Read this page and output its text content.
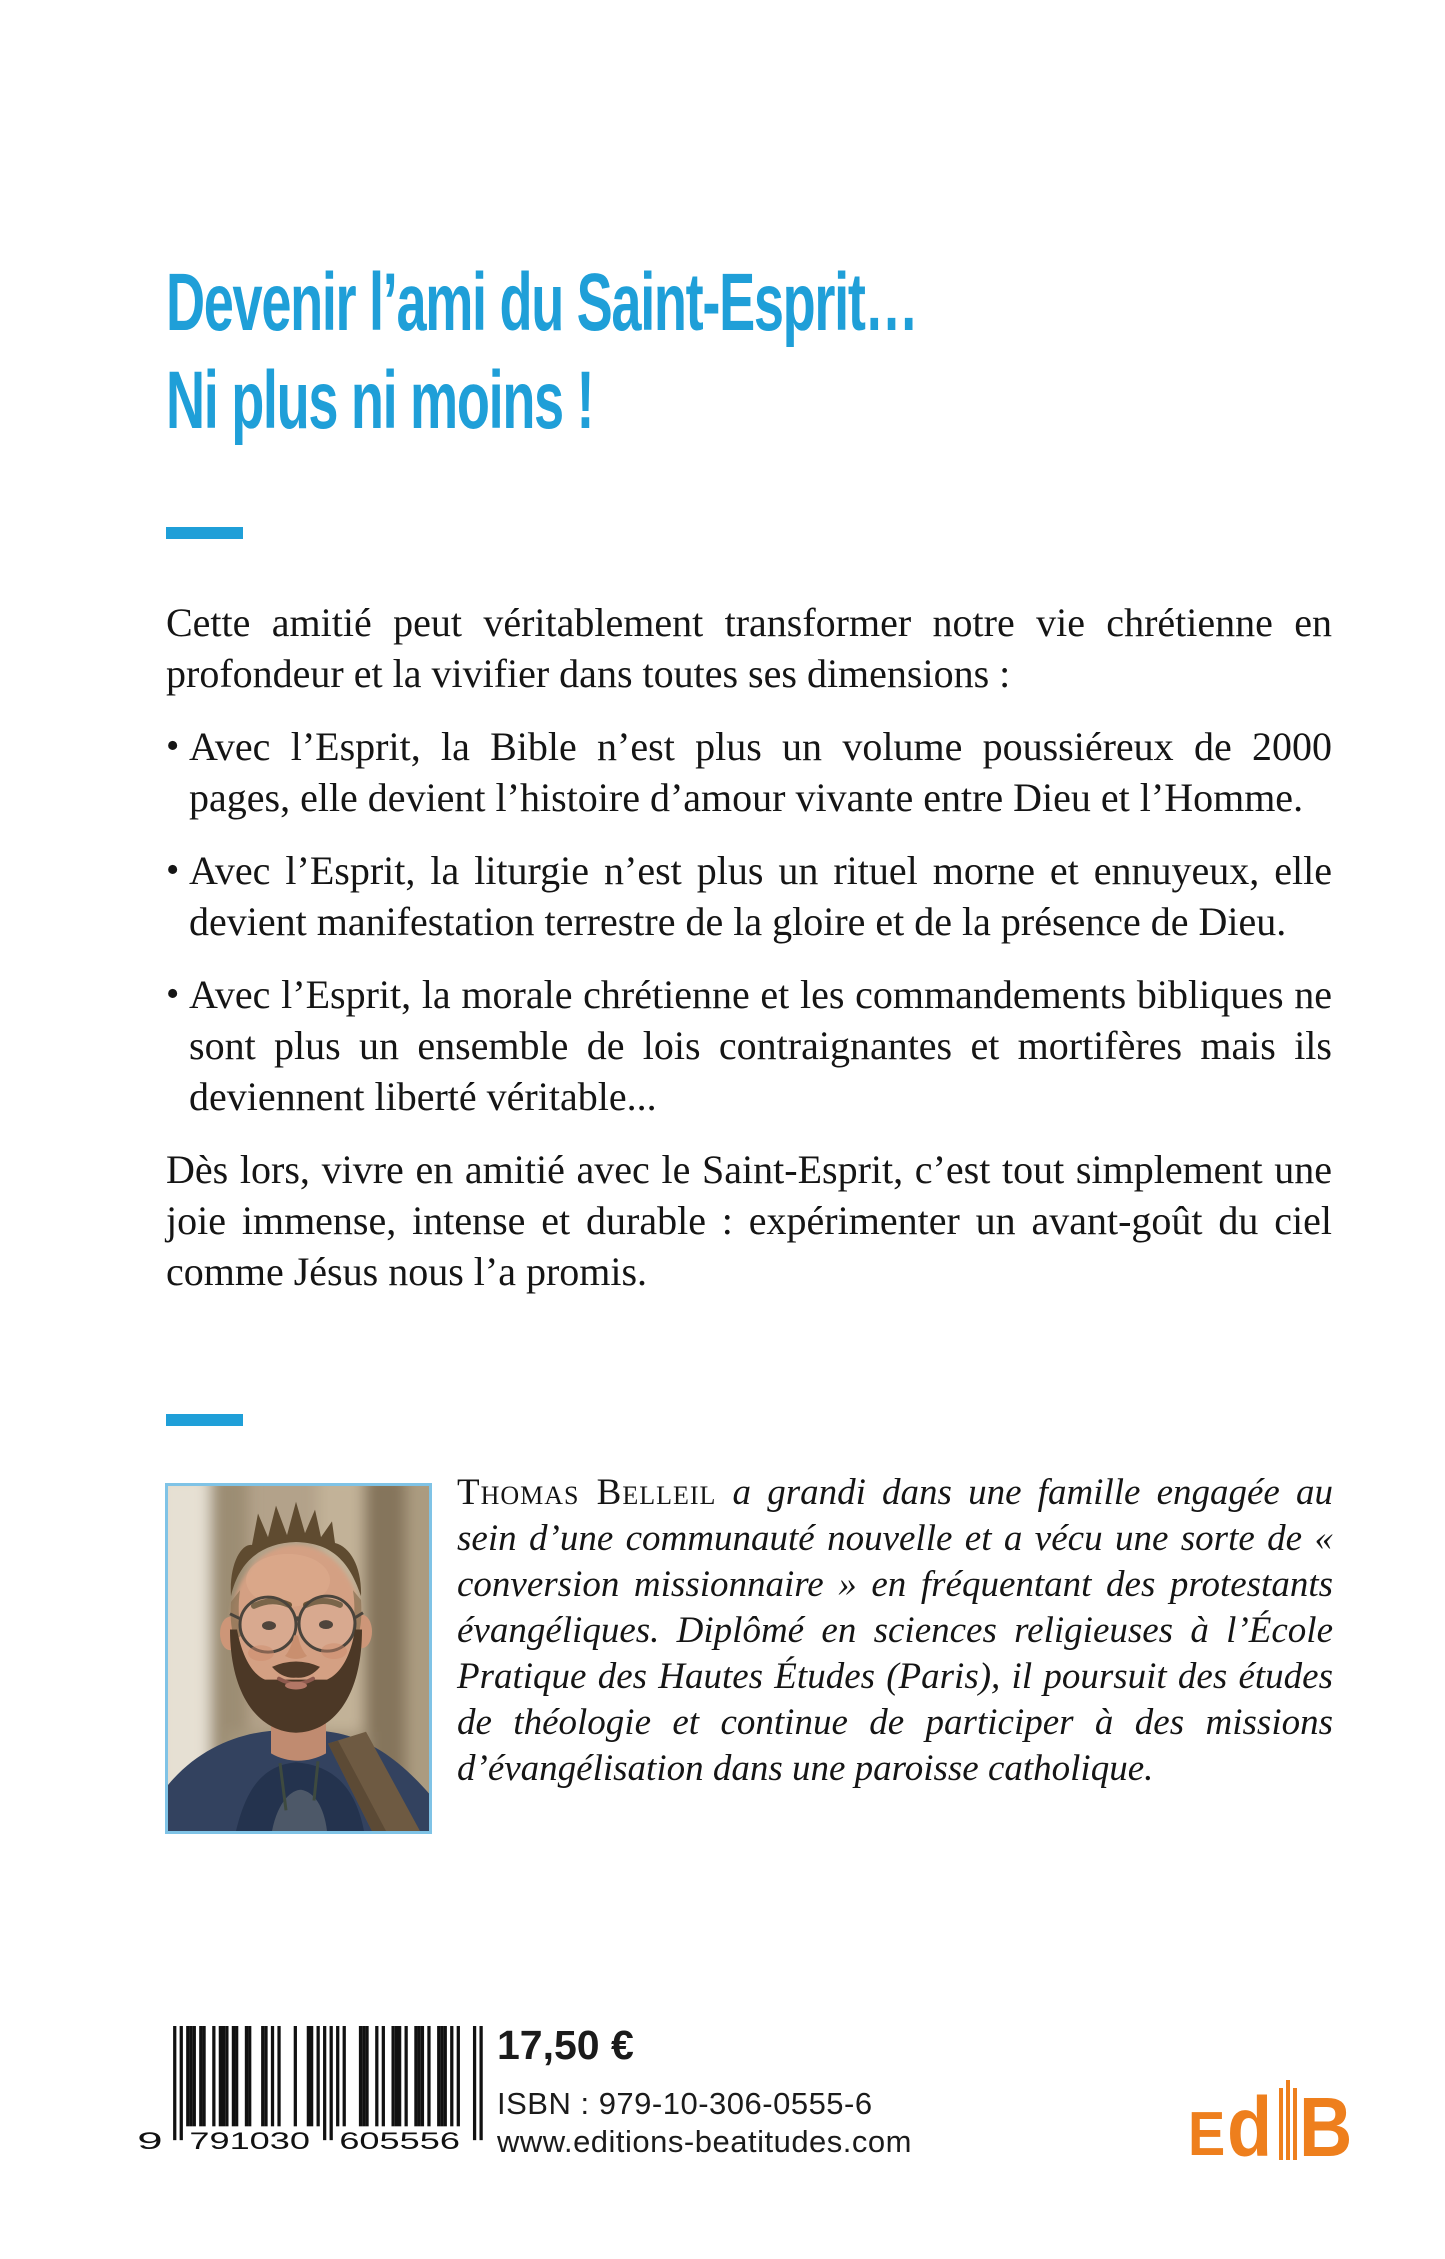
Devenir l’ami du Saint-Esprit…
Ni plus ni moins !

Cette amitié peut véritablement transformer notre vie chrétienne en profondeur et la vivifier dans toutes ses dimensions :

• Avec l’Esprit, la Bible n’est plus un volume poussiéreux de 2000 pages, elle devient l’histoire d’amour vivante entre Dieu et l’Homme.

• Avec l’Esprit, la liturgie n’est plus un rituel morne et ennuyeux, elle devient manifestation terrestre de la gloire et de la présence de Dieu.

• Avec l’Esprit, la morale chrétienne et les commandements bibliques ne sont plus un ensemble de lois contraignantes et mortifères mais ils deviennent liberté véritable...

Dès lors, vivre en amitié avec le Saint-Esprit, c’est tout simplement une joie immense, intense et durable : expérimenter un avant-goût du ciel comme Jésus nous l’a promis.

Thomas Belleil a grandi dans une famille engagée au sein d’une communauté nouvelle et a vécu une sorte de « conversion missionnaire » en fréquentant des protestants évangéliques. Diplômé en sciences religieuses à l’École Pratique des Hautes Études (Paris), il poursuit des études de théologie et continue de participer à des missions d’évangélisation dans une paroisse catholique.

9 791030 605556
17,50 €
ISBN : 979-10-306-0555-6
www.editions-beatitudes.com	E d B
